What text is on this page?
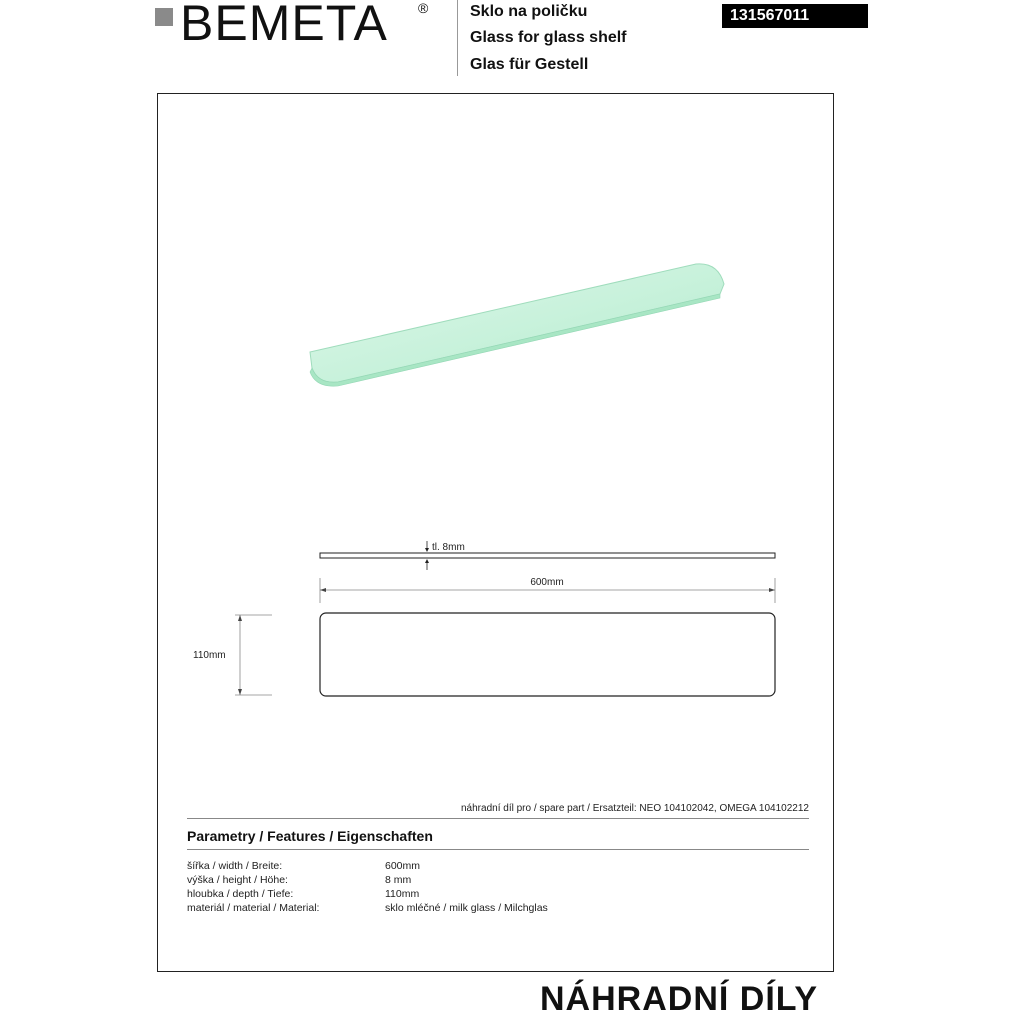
BEMETA ®	Sklo na poličku
Glass for glass shelf
Glas für Gestell
131567011
tl. 8mm
600mm
110mm
náhradní díl pro / spare part / Ersatzteil: NEO 104102042, OMEGA 104102212
Parametry / Features / Eigenschaften
šířka / width / Breite:	600mm
výška / height / Höhe:	8 mm
hloubka / depth / Tiefe:	110mm
materiál / material / Material:	sklo mléčné / milk glass / Milchglas
NÁHRADNÍ DÍLY
